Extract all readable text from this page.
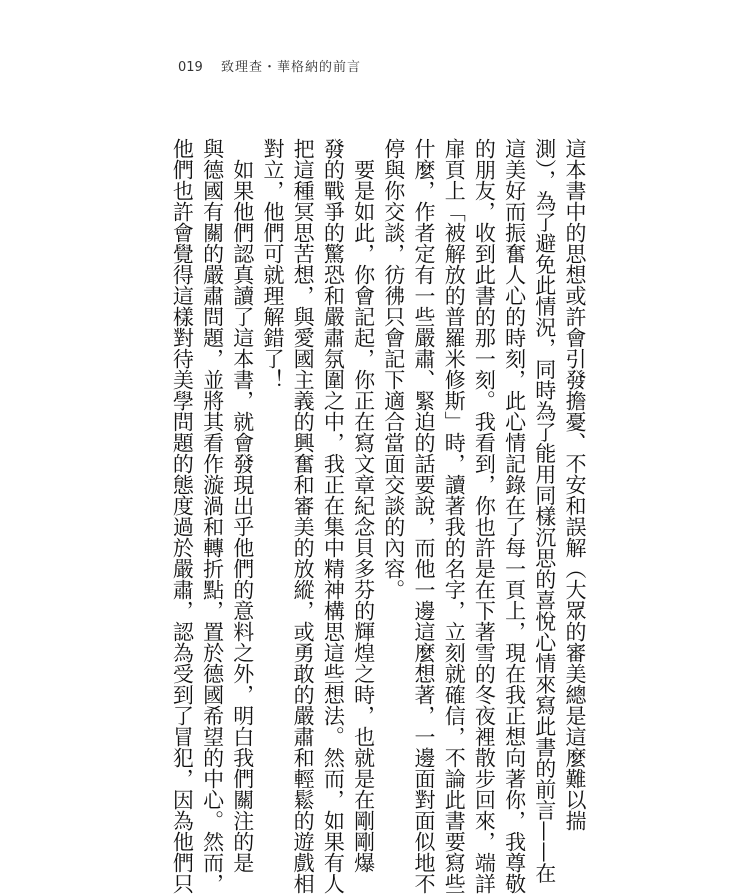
019 致理查・華格納的前言
這本書中的思想或許會引發擔憂、不安和誤解（大眾的審美總是這麼難以揣
測），為了避免此情況，同時為了能用同樣沉思的喜悅心情來寫此書的前言——在
這美好而振奮人心的時刻，此心情記錄在了每一頁上，現在我正想向著你，我尊敬
的朋友，收到此書的那一刻。我看到，你也許是在下著雪的冬夜裡散步回來，端詳
扉頁上「被解放的普羅米修斯」時，讀著我的名字，立刻就確信，不論此書要寫些
什麼，作者定有一些嚴肅、緊迫的話要說，而他一邊這麼想著，一邊面對面似地不
停與你交談，彷彿只會記下適合當面交談的內容。
　要是如此，你會記起，你正在寫文章紀念貝多芬的輝煌之時，也就是在剛剛爆
發的戰爭的驚恐和嚴肅氛圍之中，我正在集中精神構思這些想法。然而，如果有人
把這種冥思苦想，與愛國主義的興奮和審美的放縱，或勇敢的嚴肅和輕鬆的遊戲相
對立，他們可就理解錯了！
　如果他們認真讀了這本書，就會發現出乎他們的意料之外，明白我們關注的是
與德國有關的嚴肅問題，並將其看作漩渦和轉折點，置於德國希望的中心。然而，
他們也許會覺得這樣對待美學問題的態度過於嚴肅，認為受到了冒犯，因為他們只
